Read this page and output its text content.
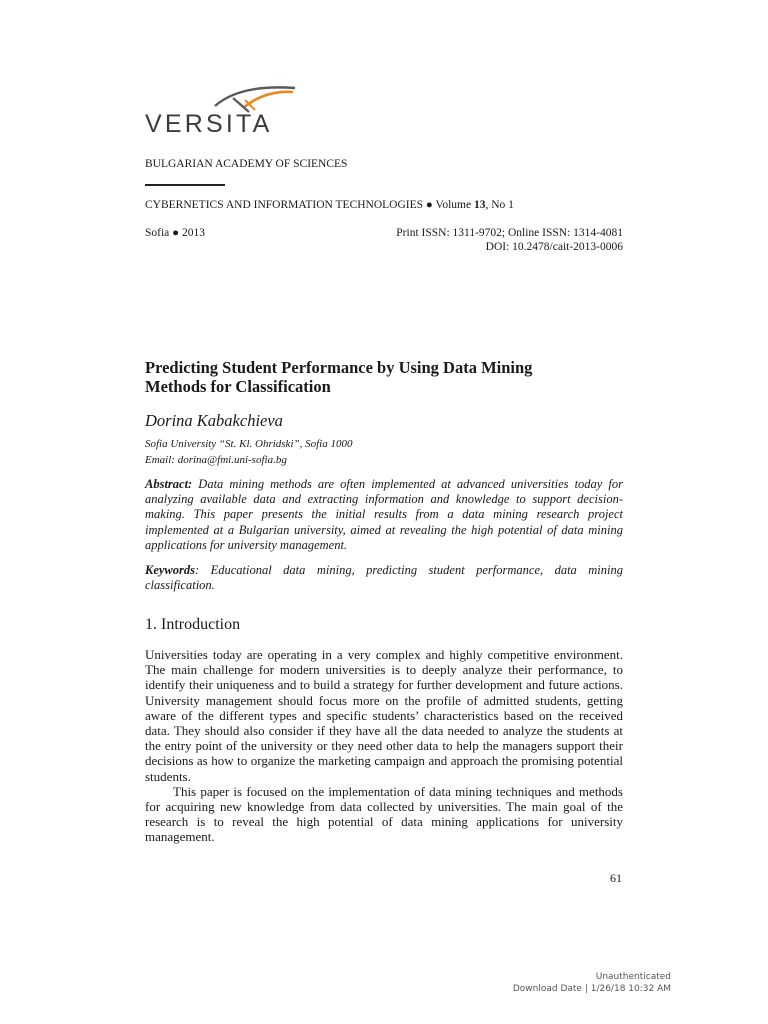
VERSITA
BULGARIAN ACADEMY OF SCIENCES
CYBERNETICS AND INFORMATION TECHNOLOGIES ● Volume 13, No 1
Sofia ● 2013	Print ISSN: 1311-9702; Online ISSN: 1314-4081
DOI: 10.2478/cait-2013-0006
Predicting Student Performance by Using Data Mining
Methods for Classification
Dorina Kabakchieva
Sofia University “St. Kl. Ohridski”, Sofia 1000
Email: dorina@fmi.uni-sofia.bg
Abstract: Data mining methods are often implemented at advanced universities today for analyzing available data and extracting information and knowledge to support decision-making. This paper presents the initial results from a data mining research project implemented at a Bulgarian university, aimed at revealing the high potential of data mining applications for university management.
Keywords: Educational data mining, predicting student performance, data mining classification.
1. Introduction

Universities today are operating in a very complex and highly competitive environment. The main challenge for modern universities is to deeply analyze their performance, to identify their uniqueness and to build a strategy for further development and future actions. University management should focus more on the profile of admitted students, getting aware of the different types and specific students’ characteristics based on the received data. They should also consider if they have all the data needed to analyze the students at the entry point of the university or they need other data to help the managers support their decisions as how to organize the marketing campaign and approach the promising potential students.

This paper is focused on the implementation of data mining techniques and methods for acquiring new knowledge from data collected by universities. The main goal of the research is to reveal the high potential of data mining applications for university management.

61
Unauthenticated
Download Date | 1/26/18 10:32 AM
